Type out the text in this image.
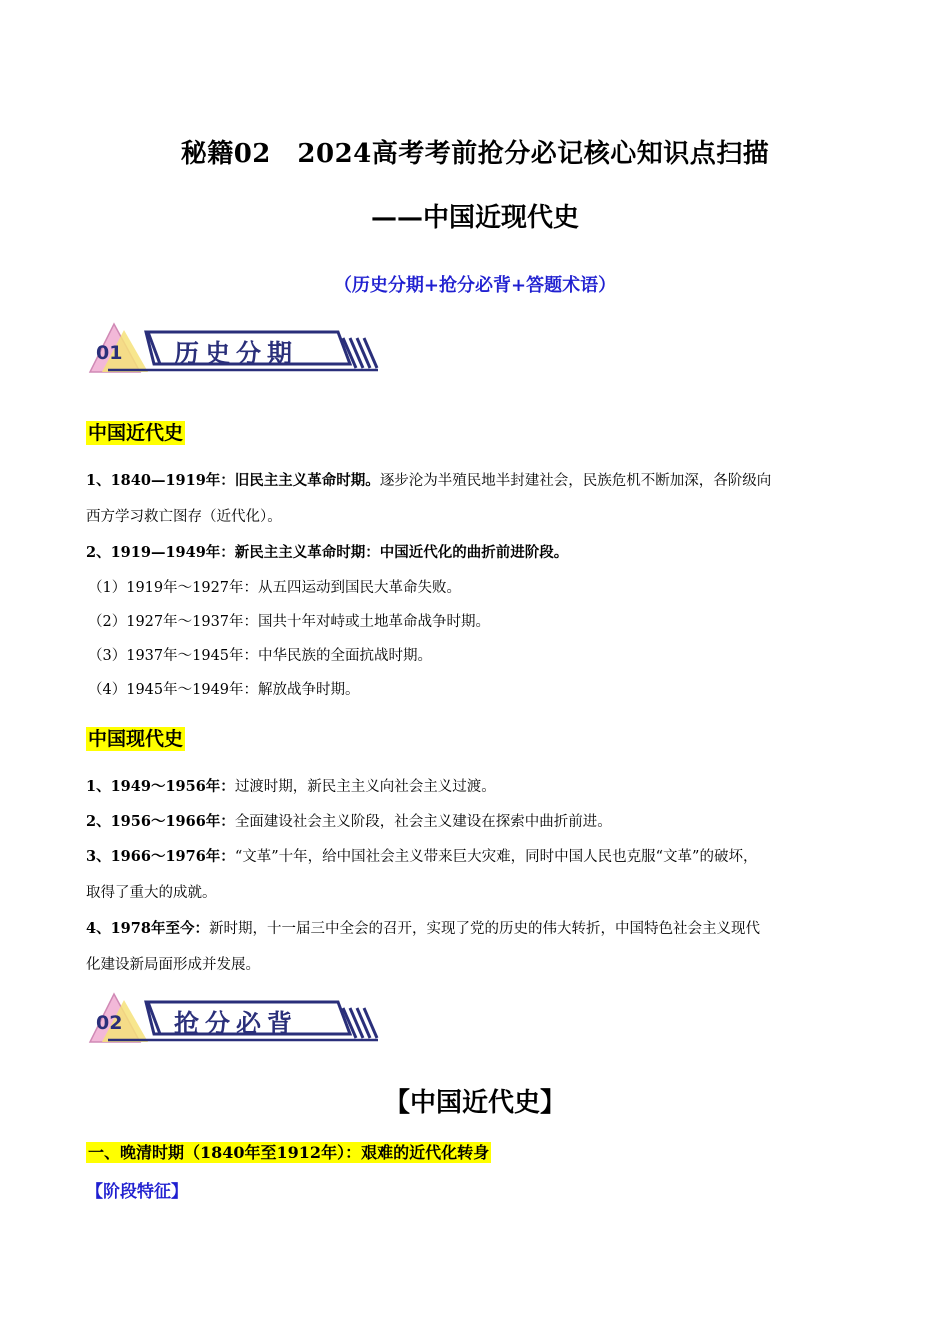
秘籍02　2024高考考前抢分必记核心知识点扫描
——中国近现代史
（历史分期+抢分必背+答题术语）
01 历史分期
中国近代史
1、1840—1919年：旧民主主义革命时期。逐步沦为半殖民地半封建社会，民族危机不断加深，各阶级向
西方学习救亡图存（近代化）。
2、1919—1949年：新民主主义革命时期：中国近代化的曲折前进阶段。
（1）1919年～1927年：从五四运动到国民大革命失败。
（2）1927年～1937年：国共十年对峙或土地革命战争时期。
（3）1937年～1945年：中华民族的全面抗战时期。
（4）1945年～1949年：解放战争时期。
中国现代史
1、1949～1956年：过渡时期，新民主主义向社会主义过渡。
2、1956～1966年：全面建设社会主义阶段，社会主义建设在探索中曲折前进。
3、1966～1976年：“文革”十年，给中国社会主义带来巨大灾难，同时中国人民也克服“文革”的破坏，
取得了重大的成就。
4、1978年至今：新时期，十一届三中全会的召开，实现了党的历史的伟大转折，中国特色社会主义现代
化建设新局面形成并发展。
02 抢分必背
【中国近代史】
一、晚清时期（1840年至1912年）：艰难的近代化转身
【阶段特征】
